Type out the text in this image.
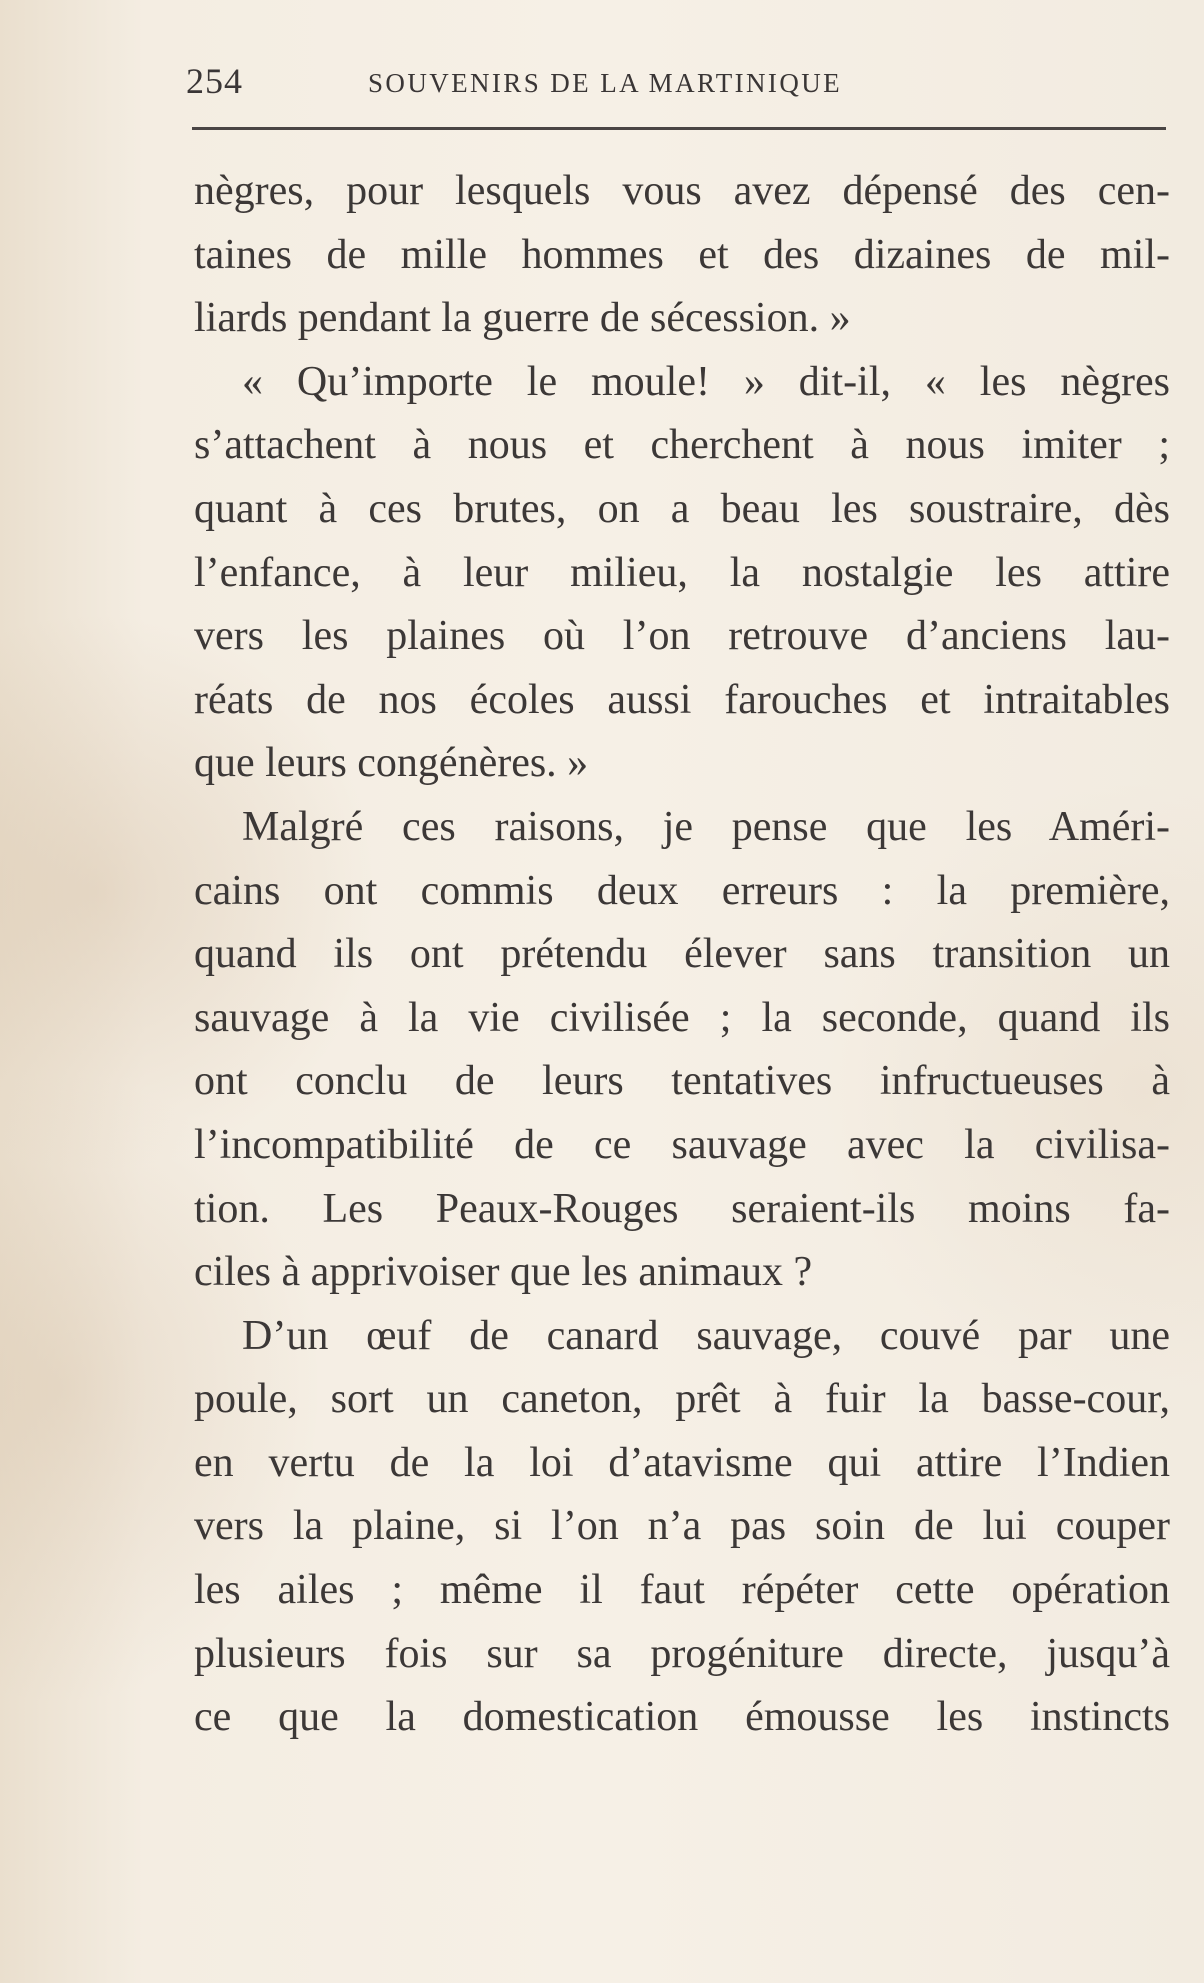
254	SOUVENIRS DE LA MARTINIQUE
nègres, pour lesquels vous avez dépensé des cen-
taines de mille hommes et des dizaines de mil-
liards pendant la guerre de sécession. »
« Qu’importe le moule! » dit-il, « les nègres
s’attachent à nous et cherchent à nous imiter ;
quant à ces brutes, on a beau les soustraire, dès
l’enfance, à leur milieu, la nostalgie les attire
vers les plaines où l’on retrouve d’anciens lau-
réats de nos écoles aussi farouches et intraitables
que leurs congénères. »
Malgré ces raisons, je pense que les Améri-
cains ont commis deux erreurs : la première,
quand ils ont prétendu élever sans transition un
sauvage à la vie civilisée ; la seconde, quand ils
ont conclu de leurs tentatives infructueuses à
l’incompatibilité de ce sauvage avec la civilisa-
tion. Les Peaux-Rouges seraient-ils moins fa-
ciles à apprivoiser que les animaux ?
D’un œuf de canard sauvage, couvé par une
poule, sort un caneton, prêt à fuir la basse-cour,
en vertu de la loi d’atavisme qui attire l’Indien
vers la plaine, si l’on n’a pas soin de lui couper
les ailes ; même il faut répéter cette opération
plusieurs fois sur sa progéniture directe, jusqu’à
ce que la domestication émousse les instincts
